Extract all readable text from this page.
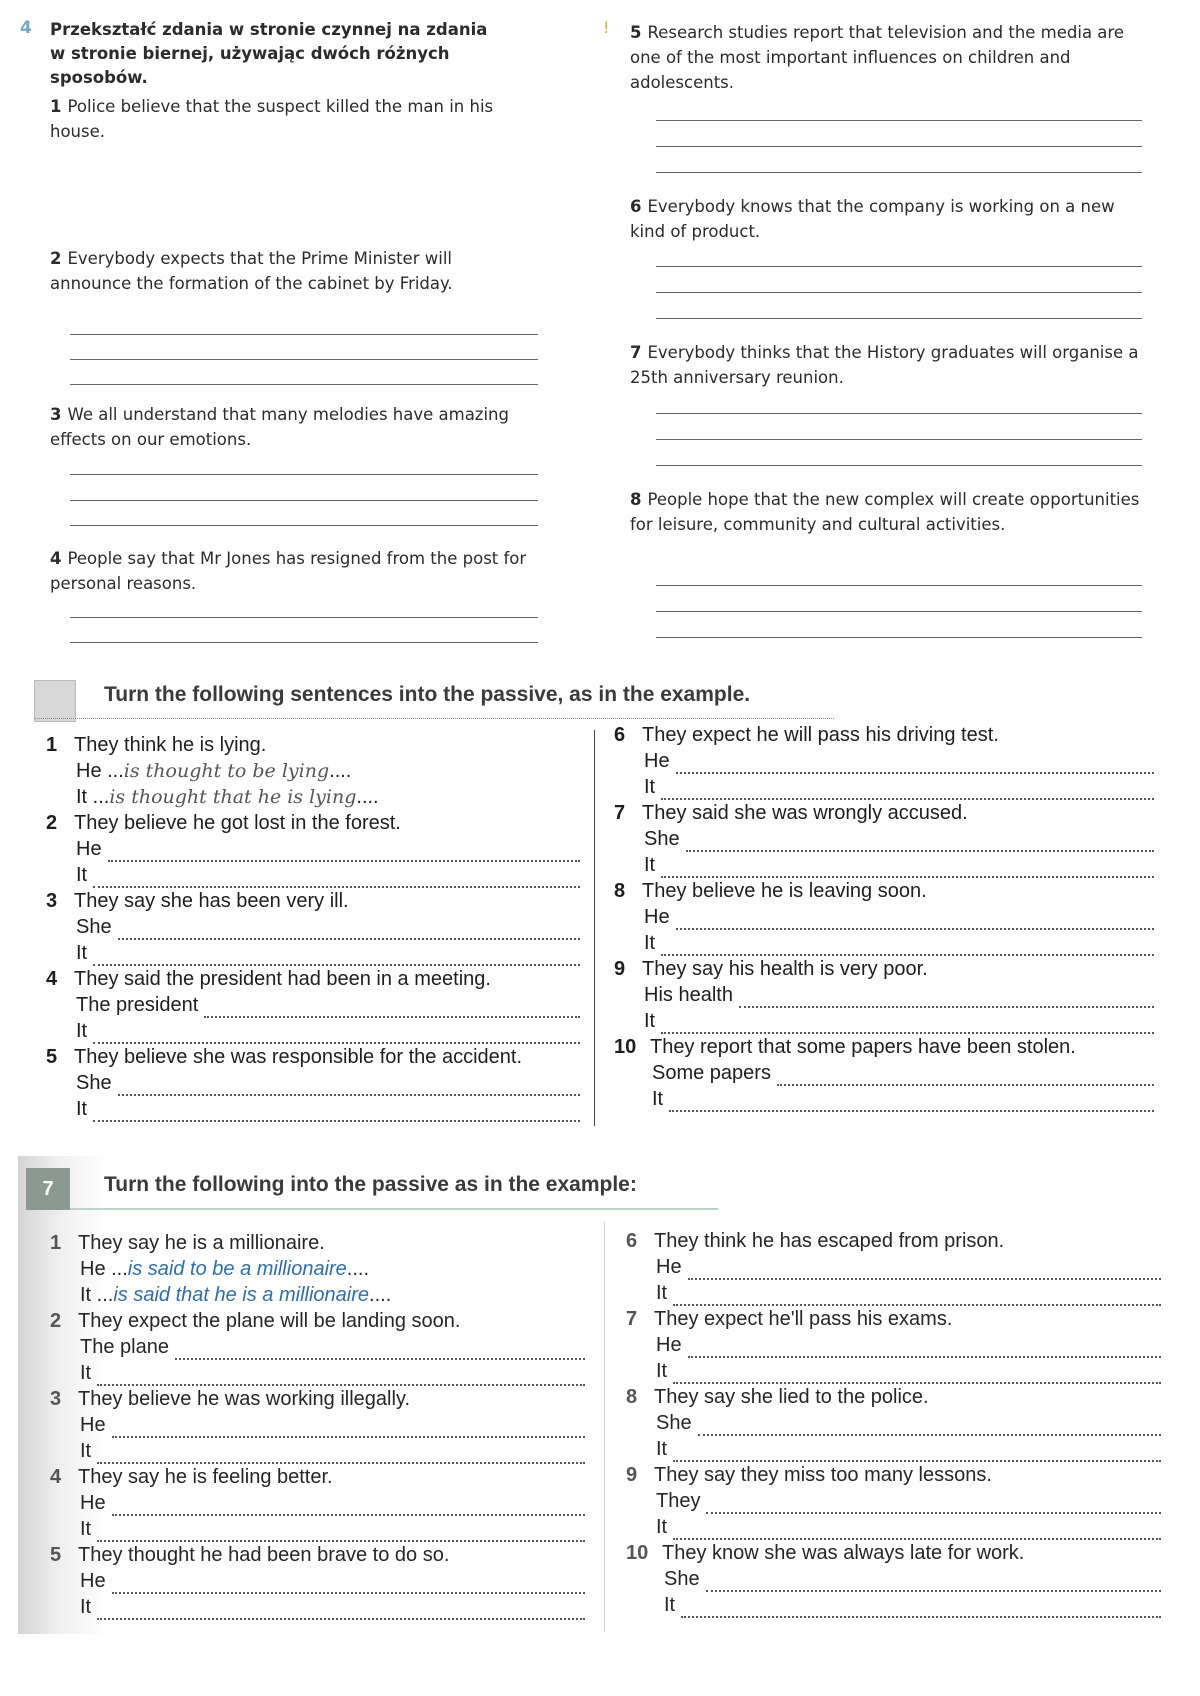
4 Przekształć zdania w stronie czynnej na zdania w stronie biernej, używając dwóch różnych sposobów.
1 Police believe that the suspect killed the man in his house.
2 Everybody expects that the Prime Minister will announce the formation of the cabinet by Friday.
3 We all understand that many melodies have amazing effects on our emotions.
4 People say that Mr Jones has resigned from the post for personal reasons.
! 5 Research studies report that television and the media are one of the most important influences on children and adolescents.
6 Everybody knows that the company is working on a new kind of product.
7 Everybody thinks that the History graduates will organise a 25th anniversary reunion.
8 People hope that the new complex will create opportunities for leisure, community and cultural activities.
Turn the following sentences into the passive, as in the example.
1 They think he is lying.
He ... is thought to be lying ....
It ... is thought that he is lying ....
2 They believe he got lost in the forest.
He
It
3 They say she has been very ill.
She
It
4 They said the president had been in a meeting.
The president
It
5 They believe she was responsible for the accident.
She
It
6 They expect he will pass his driving test.
He
It
7 They said she was wrongly accused.
She
It
8 They believe he is leaving soon.
He
It
9 They say his health is very poor.
His health
It
10 They report that some papers have been stolen.
Some papers
It
7	Turn the following into the passive as in the example:
1 They say he is a millionaire.
He ... is said to be a millionaire ....
It ... is said that he is a millionaire ....
2 They expect the plane will be landing soon.
The plane
It
3 They believe he was working illegally.
He
It
4 They say he is feeling better.
He
It
5 They thought he had been brave to do so.
He
It
6 They think he has escaped from prison.
He
It
7 They expect he'll pass his exams.
He
It
8 They say she lied to the police.
She
It
9 They say they miss too many lessons.
They
It
10 They know she was always late for work.
She
It
